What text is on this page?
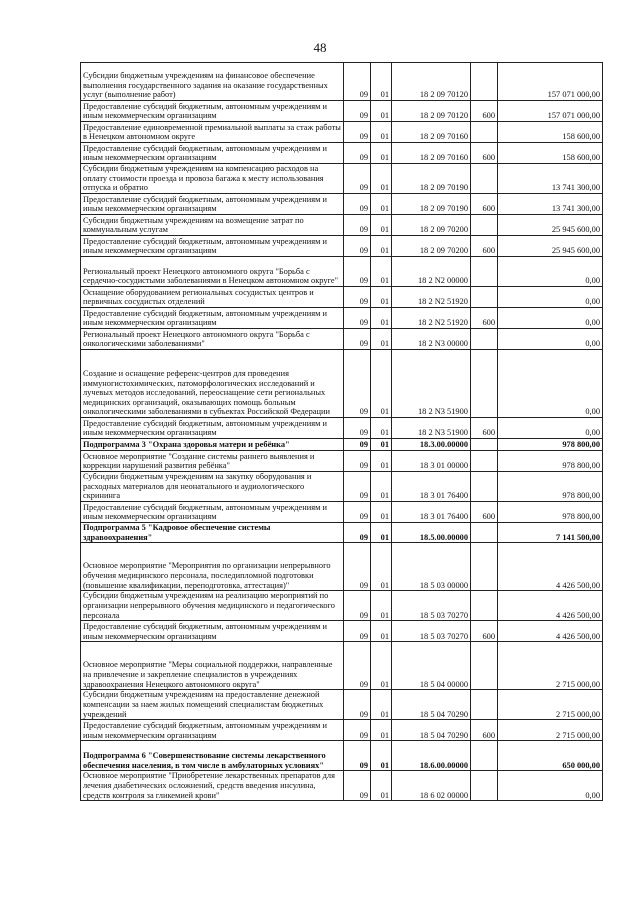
48
Субсидии бюджетным учреждениям на финансовое обеспечение выполнения государственного задания на оказание государственных услуг (выполнение работ)	09	01	18 2 09 70120		157 071 000,00
Предоставление субсидий бюджетным, автономным учреждениям и иным некоммерческим организациям	09	01	18 2 09 70120	600	157 071 000,00
Предоставление единовременной премиальной выплаты за стаж работы в Ненецком автономном округе	09	01	18 2 09 70160		158 600,00
Предоставление субсидий бюджетным, автономным учреждениям и иным некоммерческим организациям	09	01	18 2 09 70160	600	158 600,00
Субсидии бюджетным учреждениям на компенсацию расходов на оплату стоимости проезда и провоза багажа к месту использования отпуска и обратно	09	01	18 2 09 70190		13 741 300,00
Предоставление субсидий бюджетным, автономным учреждениям и иным некоммерческим организациям	09	01	18 2 09 70190	600	13 741 300,00
Субсидии бюджетным учреждениям на возмещение затрат по коммунальным услугам	09	01	18 2 09 70200		25 945 600,00
Предоставление субсидий бюджетным, автономным учреждениям и иным некоммерческим организациям	09	01	18 2 09 70200	600	25 945 600,00
Региональный проект Ненецкого автономного округа "Борьба с сердечно-сосудистыми заболеваниями в Ненецком автономном округе"	09	01	18 2 N2 00000		0,00
Оснащение оборудованием региональных сосудистых центров и первичных сосудистых отделений	09	01	18 2 N2 51920		0,00
Предоставление субсидий бюджетным, автономным учреждениям и иным некоммерческим организациям	09	01	18 2 N2 51920	600	0,00
Региональный проект Ненецкого автономного округа "Борьба с онкологическими заболеваниями"	09	01	18 2 N3 00000		0,00
Создание и оснащение референс-центров для проведения иммуногистохимических, патоморфологических исследований и лучевых методов исследований, переоснащение сети региональных медицинских организаций, оказывающих помощь больным онкологическими заболеваниями в субъектах Российской Федерации	09	01	18 2 N3 51900		0,00
Предоставление субсидий бюджетным, автономным учреждениям и иным некоммерческим организациям	09	01	18 2 N3 51900	600	0,00
Подпрограмма 3 "Охрана здоровья матери и ребёнка"	09	01	18.3.00.00000		978 800,00
Основное мероприятие "Создание системы раннего выявления и коррекции нарушений развития ребёнка"	09	01	18 3 01 00000		978 800,00
Субсидии бюджетным учреждениям на закупку оборудования и расходных материалов для неонатального и аудиологического скрининга	09	01	18 3 01 76400		978 800,00
Предоставление субсидий бюджетным, автономным учреждениям и иным некоммерческим организациям	09	01	18 3 01 76400	600	978 800,00
Подпрограмма 5 "Кадровое обеспечение системы здравоохранения"	09	01	18.5.00.00000		7 141 500,00
Основное мероприятие "Мероприятия по организации непрерывного обучения медицинского персонала, последипломной подготовки (повышение квалификации, переподготовка, аттестация)"	09	01	18 5 03 00000		4 426 500,00
Субсидии бюджетным учреждениям на реализацию мероприятий по организации непрерывного обучения медицинского и педагогического персонала	09	01	18 5 03 70270		4 426 500,00
Предоставление субсидий бюджетным, автономным учреждениям и иным некоммерческим организациям	09	01	18 5 03 70270	600	4 426 500,00
Основное мероприятие "Меры социальной поддержки, направленные на привлечение и закрепление специалистов в учреждениях здравоохранения Ненецкого автономного округа"	09	01	18 5 04 00000		2 715 000,00
Субсидии бюджетным учреждениям на предоставление денежной компенсации за наем жилых помещений специалистам бюджетных учреждений	09	01	18 5 04 70290		2 715 000,00
Предоставление субсидий бюджетным, автономным учреждениям и иным некоммерческим организациям	09	01	18 5 04 70290	600	2 715 000,00
Подпрограмма 6 "Совершенствование системы лекарственного обеспечения населения, в том числе в амбулаторных условиях"	09	01	18.6.00.00000		650 000,00
Основное мероприятие "Приобретение лекарственных препаратов для лечения диабетических осложнений, средств введения инсулина, средств контроля за гликемией крови"	09	01	18 6 02 00000		0,00
